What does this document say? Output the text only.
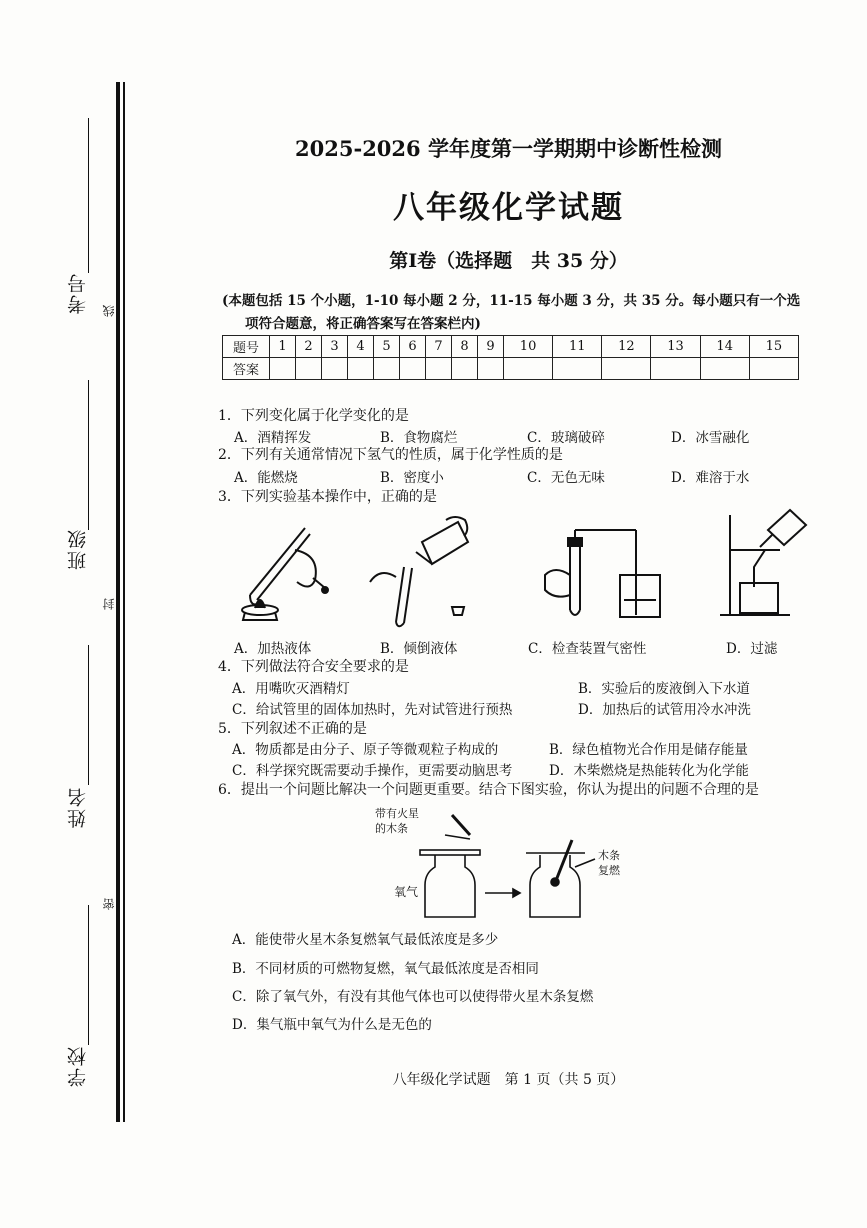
考号 线
班级
封
姓名
密
学校
2025-2026 学年度第一学期期中诊断性检测
八年级化学试题
第Ⅰ卷（选择题　共 35 分）
(本题包括 15 个小题，1-10 每小题 2 分，11-15 每小题 3 分，共 35 分。每小题只有一个选
项符合题意，将正确答案写在答案栏内)
题号	1	2	3	4	5	6	7	8	9	10	11	12	13	14	15
答案															
1．下列变化属于化学变化的是
A．酒精挥发	B．食物腐烂	C．玻璃破碎	D．冰雪融化
2．下列有关通常情况下氢气的性质，属于化学性质的是
A．能燃烧	B．密度小	C．无色无味	D．难溶于水
3．下列实验基本操作中，正确的是
A．加热液体	B．倾倒液体	C．检查装置气密性	D．过滤
4．下列做法符合安全要求的是
A．用嘴吹灭酒精灯	B．实验后的废液倒入下水道
C．给试管里的固体加热时，先对试管进行预热	D．加热后的试管用冷水冲洗
5．下列叙述不正确的是
A．物质都是由分子、原子等微观粒子构成的	B．绿色植物光合作用是储存能量
C．科学探究既需要动手操作，更需要动脑思考	D．木柴燃烧是热能转化为化学能
6．提出一个问题比解决一个问题更重要。结合下图实验，你认为提出的问题不合理的是
带有火星
的木条
氧气
木条
复燃
A．能使带火星木条复燃氧气最低浓度是多少
B．不同材质的可燃物复燃，氧气最低浓度是否相同
C．除了氧气外，有没有其他气体也可以使得带火星木条复燃
D．集气瓶中氧气为什么是无色的
八年级化学试题　第 1 页（共 5 页）
